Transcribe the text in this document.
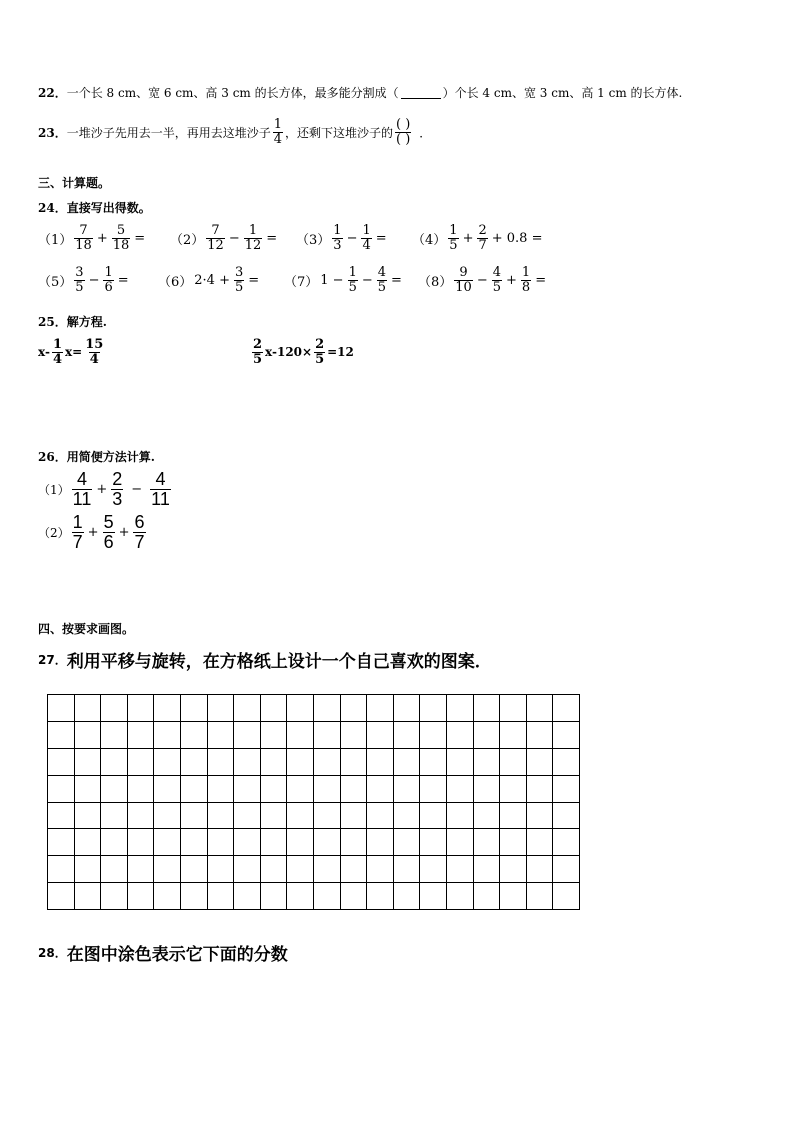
22． 一个长 8 cm、宽 6 cm、高 3 cm 的长方体，最多能分割成（	）个长 4 cm、宽 3 cm、高 1 cm 的长方体.
23． 一堆沙子先用去一半，再用去这堆沙子 $\frac{1}{4}$ ，还剩下这堆沙子的 $\frac{( )}{( )}$ ．
三、计算题。
24．直接写出得数。
$(1) \frac{7}{18} + \frac{5}{18} = (2) \frac{7}{12} - \frac{1}{12} = (3) \frac{1}{3} - \frac{1}{4} = (4) \frac{1}{5} + \frac{2}{7} + 0.8$ =
$(5) \frac{3}{5} - \frac{1}{6} = (6) 2\cdot 4 + \frac{3}{5} = (7) 1 - \frac{1}{5} - \frac{4}{5} = (8) \frac{9}{10} - \frac{4}{5} + \frac{1}{8}$ =
25．解方程.
$x- \frac{1}{4} x= \frac{15}{4}$	$\frac{2}{5} x-120\times \frac{2}{5} =12$
26．用简便方法计算.
$(1) \frac{4}{11} + \frac{2}{3} - \frac{4}{11}$
$(2) \frac{1}{7} + \frac{5}{6} + \frac{6}{7}$
四、按要求画图。
27． 利用平移与旋转，在方格纸上设计一个自己喜欢的图案．
28． 在图中涂色表示它下面的分数
